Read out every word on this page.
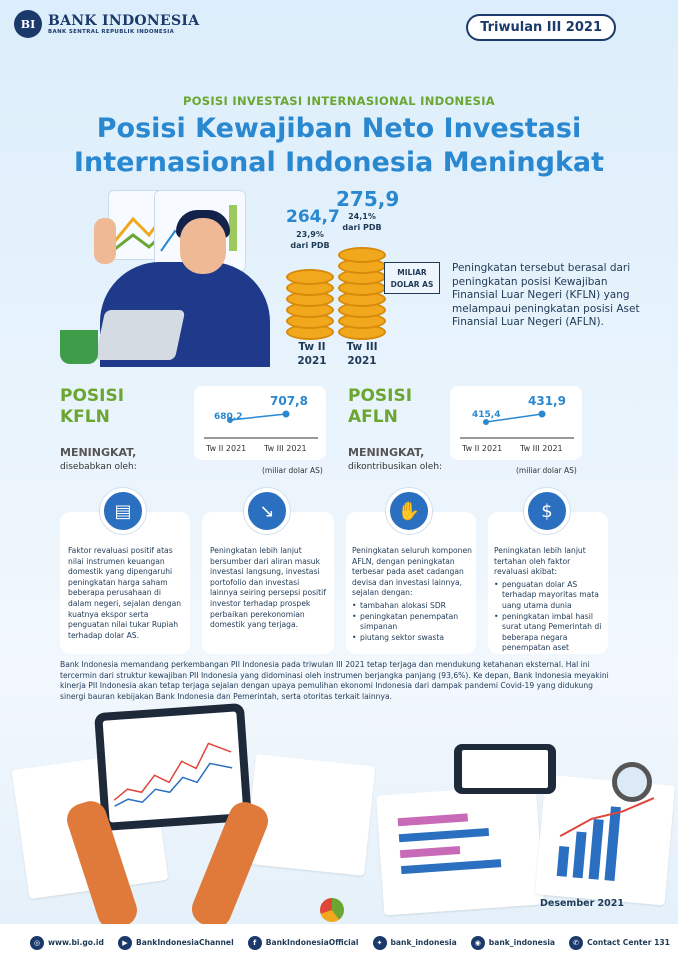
BI BANK INDONESIA
BANK SENTRAL REPUBLIK INDONESIA	Triwulan III 2021
POSISI INVESTASI INTERNASIONAL INDONESIA
Posisi Kewajiban Neto Investasi
Internasional Indonesia Meningkat
264,7
23,9%
dari PDB
275,9
24,1%
dari PDB
Tw II
2021
Tw III
2021
MILIAR
DOLAR AS
Peningkatan tersebut berasal dari peningkatan posisi Kewajiban Finansial Luar Negeri (KFLN) yang melampaui peningkatan posisi Aset Finansial Luar Negeri (AFLN).
POSISI
KFLN
MENINGKAT,
disebabkan oleh:
680,2
707,8
Tw II 2021 Tw III 2021
(miliar dolar AS)
▤
Faktor revaluasi positif atas nilai instrumen keuangan domestik yang dipengaruhi peningkatan harga saham beberapa perusahaan di dalam negeri, sejalan dengan kuatnya ekspor serta penguatan nilai tukar Rupiah terhadap dolar AS.
↘
Peningkatan lebih lanjut bersumber dari aliran masuk investasi langsung, investasi portofolio dan investasi lainnya seiring persepsi positif investor terhadap prospek perbaikan perekonomian domestik yang terjaga.
POSISI
AFLN
MENINGKAT,
dikontribusikan oleh:
415,4
431,9
Tw II 2021 Tw III 2021
(miliar dolar AS)
✋
Peningkatan seluruh komponen AFLN, dengan peningkatan terbesar pada aset cadangan devisa dan investasi lainnya, sejalan dengan:
• tambahan alokasi SDR
• peningkatan penempatan simpanan
• piutang sektor swasta
$
Peningkatan lebih lanjut tertahan oleh faktor revaluasi akibat:
• penguatan dolar AS terhadap mayoritas mata uang utama dunia
• peningkatan imbal hasil surat utang Pemerintah di beberapa negara penempatan aset
Bank Indonesia memandang perkembangan PII Indonesia pada triwulan III 2021 tetap terjaga dan mendukung ketahanan eksternal. Hal ini tercermin dari struktur kewajiban PII Indonesia yang didominasi oleh instrumen berjangka panjang (93,6%). Ke depan, Bank Indonesia meyakini kinerja PII Indonesia akan tetap terjaga sejalan dengan upaya pemulihan ekonomi Indonesia dari dampak pandemi Covid-19 yang didukung sinergi bauran kebijakan Bank Indonesia dan Pemerintah, serta otoritas terkait lainnya.
Desember 2021
◎	www.bi.go.id	▶	BankIndonesiaChannel	f	BankIndonesiaOfficial	✦	bank_indonesia	◉	bank_indonesia	✆	Contact Center 131
